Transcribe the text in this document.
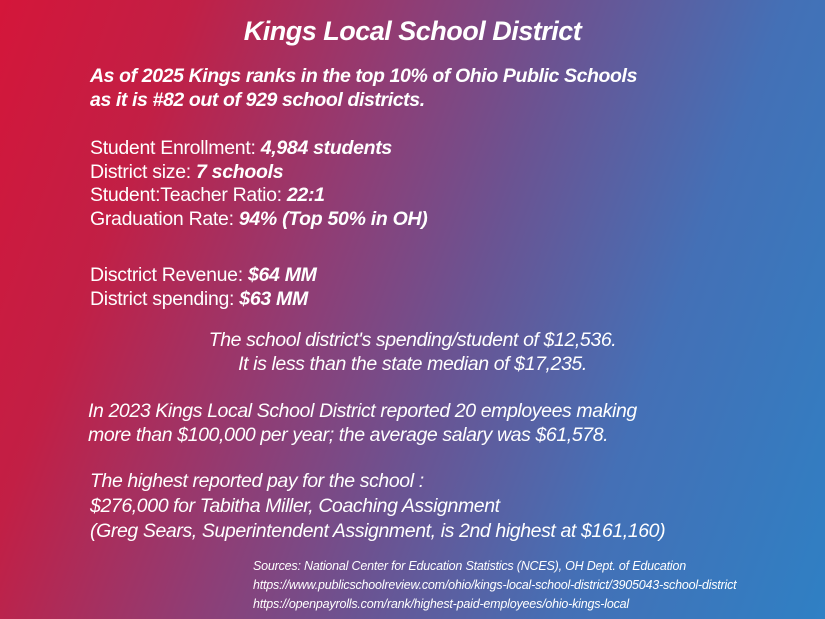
Kings Local School District
As of 2025 Kings ranks in the top 10% of Ohio Public Schools
as it is #82 out of 929 school districts.
Student Enrollment: 4,984 students
District size: 7 schools
Student:Teacher Ratio: 22:1
Graduation Rate: 94% (Top 50% in OH)
Disctrict Revenue: $64 MM
District spending: $63 MM
The school district's spending/student of $12,536.
It is less than the state median of $17,235.
In 2023 Kings Local School District reported 20 employees making
more than $100,000 per year; the average salary was $61,578.
The highest reported pay for the school :
$276,000 for Tabitha Miller, Coaching Assignment
(Greg Sears, Superintendent Assignment, is 2nd highest at $161,160)
Sources: National Center for Education Statistics (NCES), OH Dept. of Education
https://www.publicschoolreview.com/ohio/kings-local-school-district/3905043-school-district
https://openpayrolls.com/rank/highest-paid-employees/ohio-kings-local
